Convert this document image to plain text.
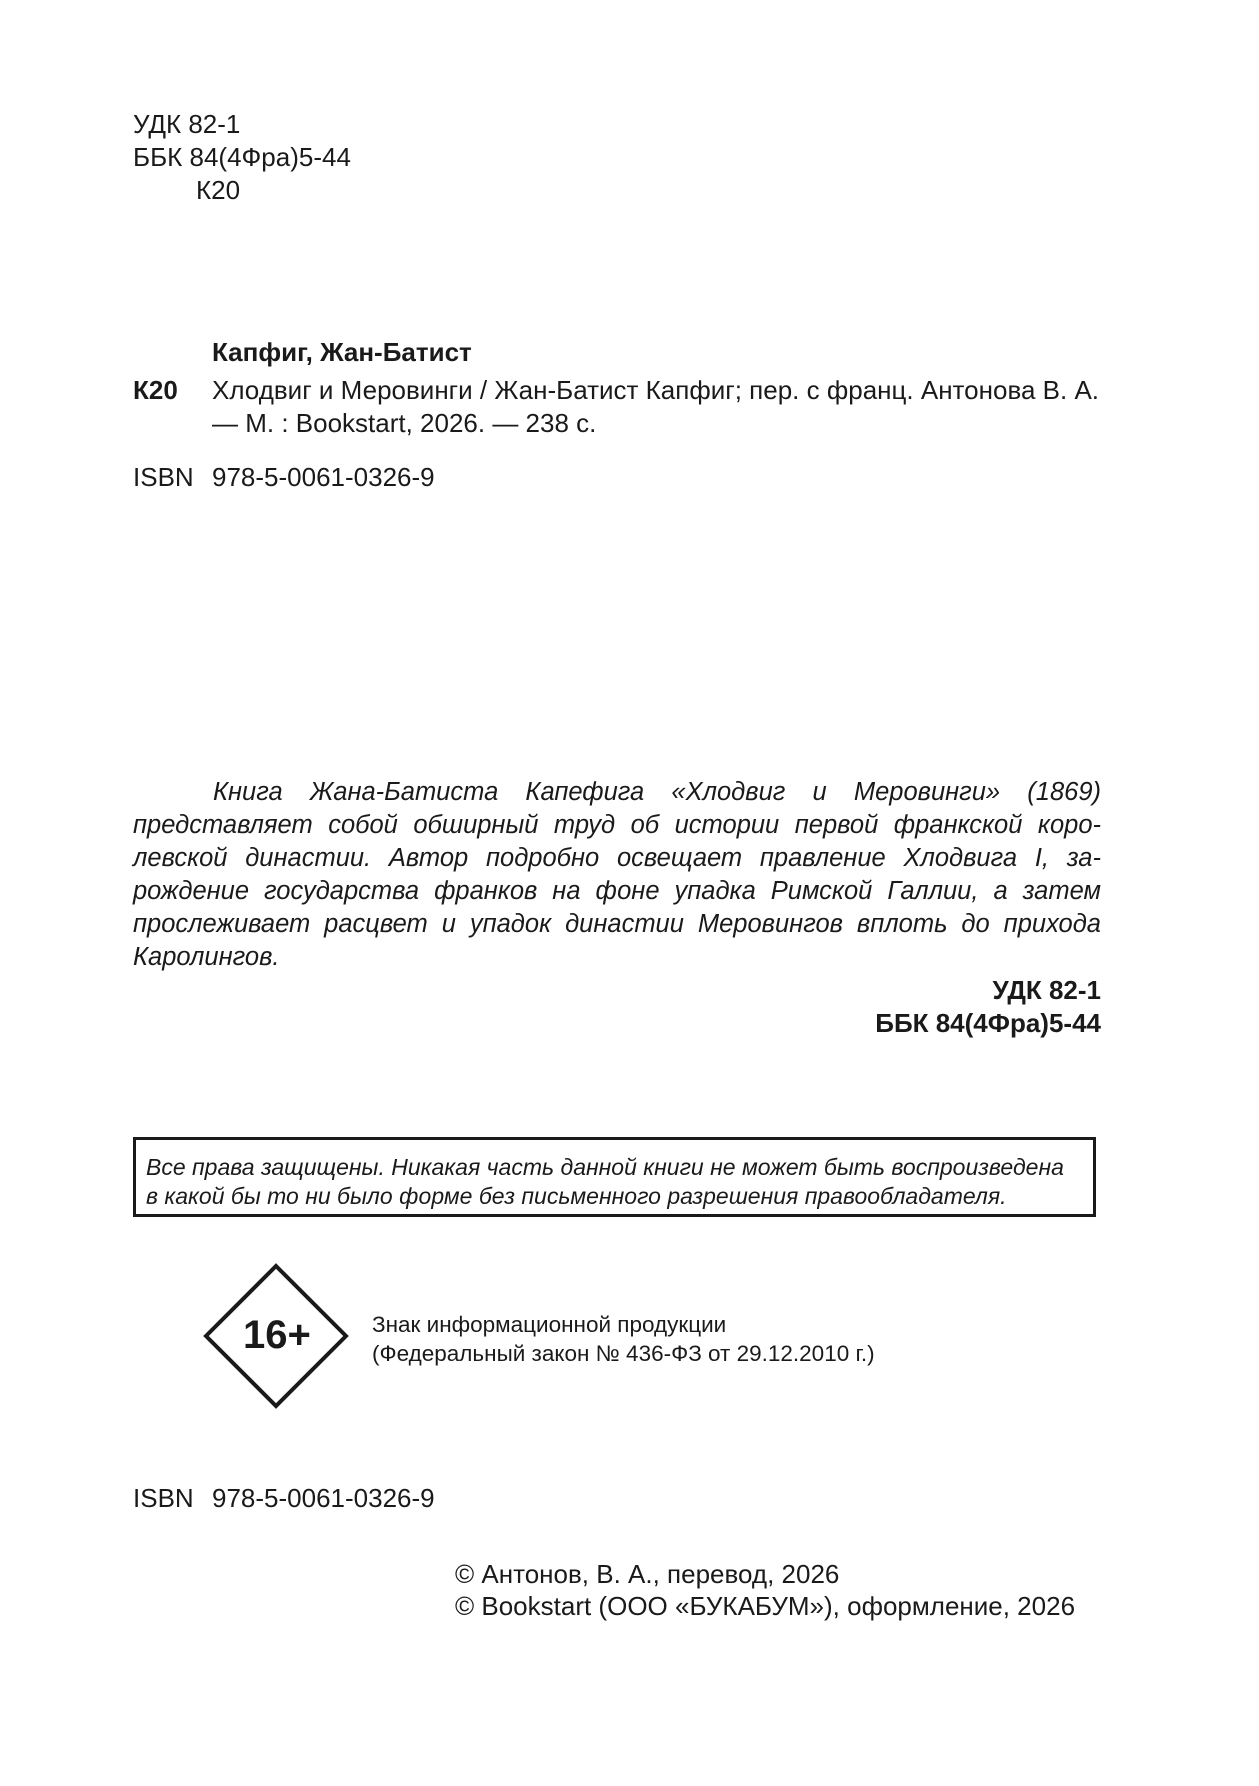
УДК 82-1
ББК 84(4Фра)5-44
К20
Капфиг, Жан-Батист
К20 Хлодвиг и Меровинги / Жан-Батист Капфиг; пер. с франц. Антонова В. А.
— М. : Bookstart, 2026. — 238 с.
ISBN 978-5-0061-0326-9
Книга Жана-Батиста Капефига «Хлодвиг и Меровинги» (1869)
представляет собой обширный труд об истории первой франкской коро-
левской династии. Автор подробно освещает правление Хлодвига I, за-
рождение государства франков на фоне упадка Римской Галлии, а затем
прослеживает расцвет и упадок династии Меровингов вплоть до прихода
Каролингов.
УДК 82-1
ББК 84(4Фра)5-44
Все права защищены. Никакая часть данной книги не может быть воспроизведена
в какой бы то ни было форме без письменного разрешения правообладателя.
16+	Знак информационной продукции
(Федеральный закон № 436-ФЗ от 29.12.2010 г.)
ISBN 978-5-0061-0326-9
© Антонов, В. А., перевод, 2026
© Bookstart (ООО «БУКАБУМ»), оформление, 2026
